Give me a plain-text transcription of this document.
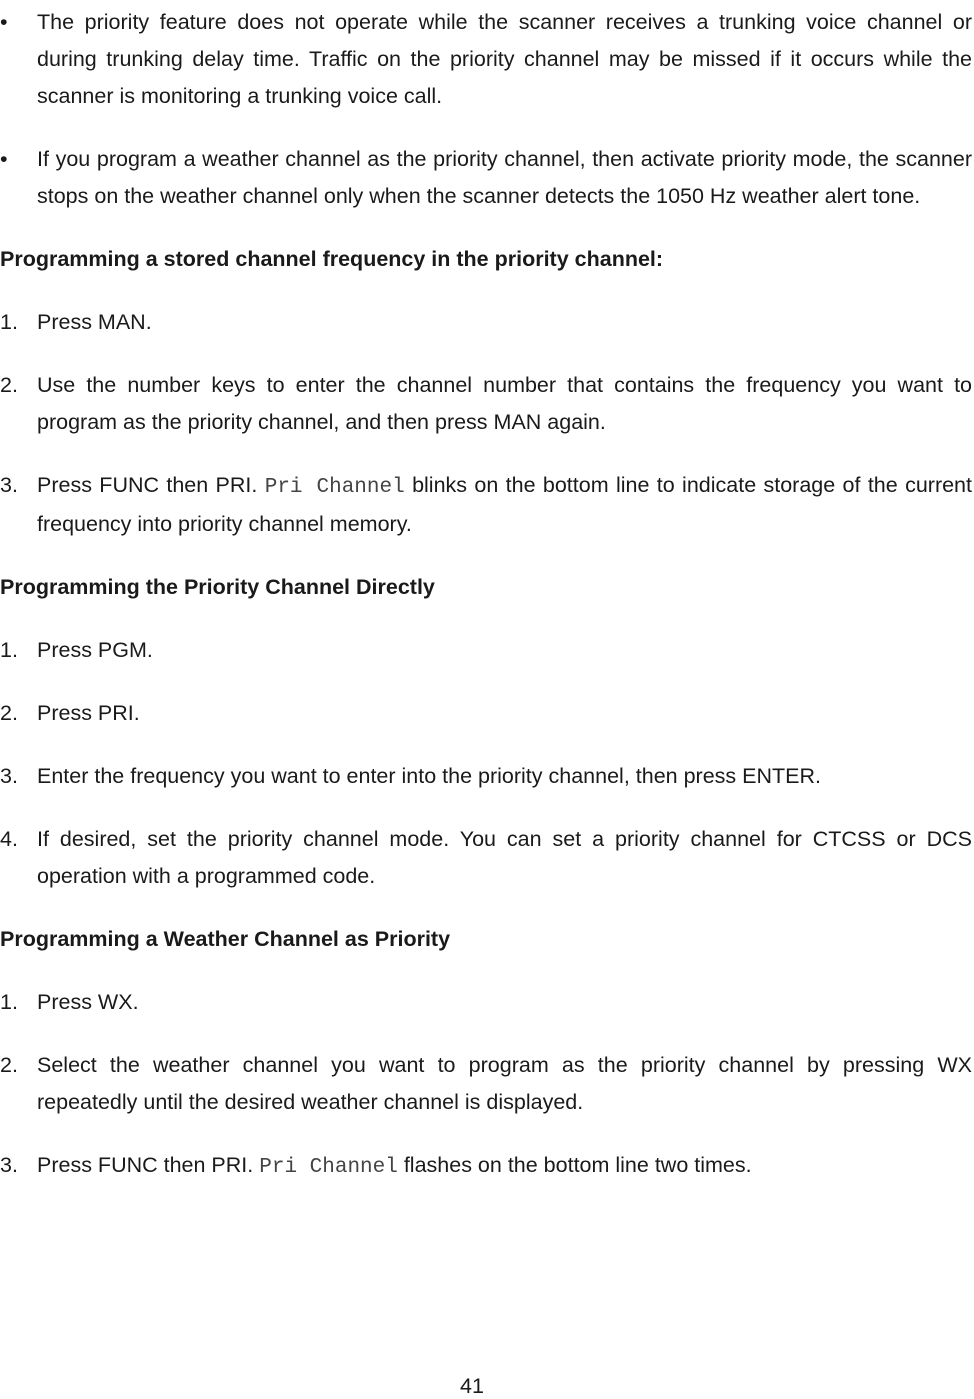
•	The priority feature does not operate while the scanner receives a trunking voice channel or during trunking delay time. Traffic on the priority channel may be missed if it occurs while the scanner is monitoring a trunking voice call.
•	If you program a weather channel as the priority channel, then activate priority mode, the scanner stops on the weather channel only when the scanner detects the 1050 Hz weather alert tone.
Programming a stored channel frequency in the priority channel:
1. Press MAN.
2. Use the number keys to enter the channel number that contains the frequency you want to program as the priority channel, and then press MAN again.
3. Press FUNC then PRI. Pri Channel blinks on the bottom line to indicate storage of the current frequency into priority channel memory.
Programming the Priority Channel Directly
1. Press PGM.
2. Press PRI.
3. Enter the frequency you want to enter into the priority channel, then press ENTER.
4. If desired, set the priority channel mode. You can set a priority channel for CTCSS or DCS operation with a programmed code.
Programming a Weather Channel as Priority
1. Press WX.
2. Select the weather channel you want to program as the priority channel by pressing WX repeatedly until the desired weather channel is displayed.
3. Press FUNC then PRI. Pri Channel flashes on the bottom line two times.
41
